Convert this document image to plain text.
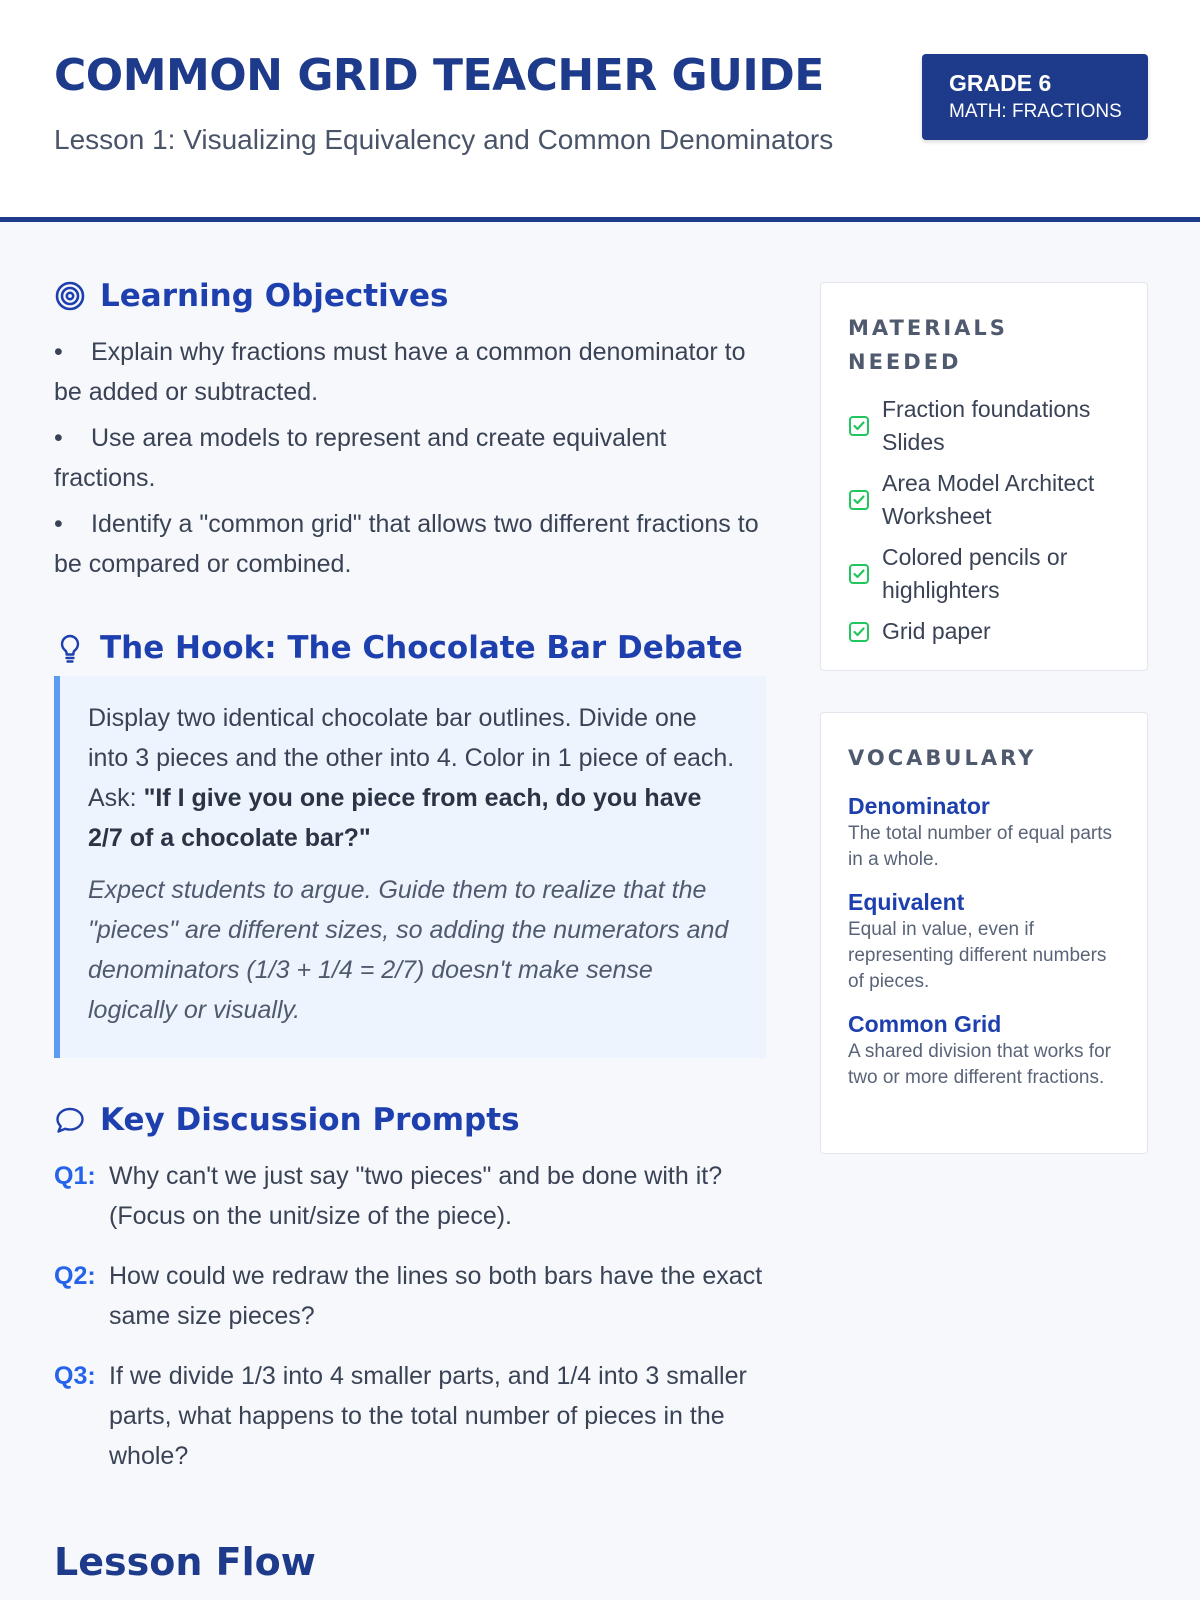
COMMON GRID TEACHER GUIDE

Lesson 1: Visualizing Equivalency and Common Denominators

GRADE 6
MATH: FRACTIONS
Learning Objectives
• Explain why fractions must have a common denominator to be added or subtracted.
• Use area models to represent and create equivalent fractions.
• Identify a "common grid" that allows two different fractions to be compared or combined.
The Hook: The Chocolate Bar Debate

Display two identical chocolate bar outlines. Divide one into 3 pieces and the other into 4. Color in 1 piece of each. Ask: "If I give you one piece from each, do you have 2/7 of a chocolate bar?"

Expect students to argue. Guide them to realize that the "pieces" are different sizes, so adding the numerators and denominators (1/3 + 1/4 = 2/7) doesn't make sense logically or visually.

Key Discussion Prompts
Q1: Why can't we just say "two pieces" and be done with it? (Focus on the unit/size of the piece).
Q2: How could we redraw the lines so both bars have the exact same size pieces?
Q3: If we divide 1/3 into 4 smaller parts, and 1/4 into 3 smaller parts, what happens to the total number of pieces in the whole?
Lesson Flow

MATERIALS NEEDED

Fraction foundations Slides
Area Model Architect Worksheet
Colored pencils or highlighters
Grid paper

VOCABULARY

Denominator

The total number of equal parts in a whole.

Equivalent

Equal in value, even if representing different numbers of pieces.

Common Grid

A shared division that works for two or more different fractions.
